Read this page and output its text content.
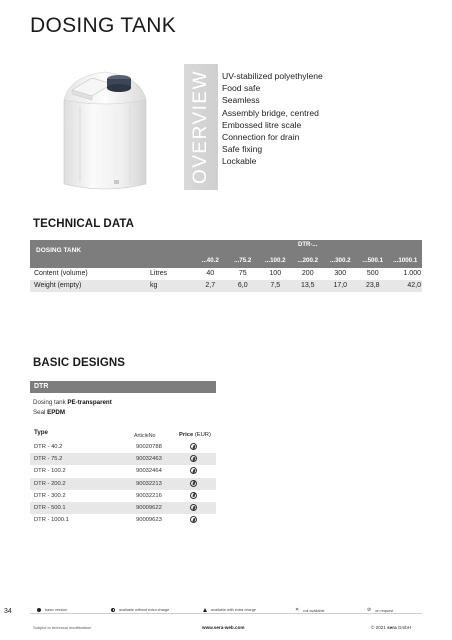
DOSING TANK
OVERVIEW UV-stabilized polyethylene
Food safe
Seamless
Assembly bridge, centred
Embossed litre scale
Connection for drain
Safe fixing
Lockable
TECHNICAL DATA
DOSING TANK
DTR-...
...40.2	...75.2	...100.2	...200.2	...300.2	...500.1	...1000.1
Content (volume)	Litres	40	75	100	200	300	500	1.000
Weight (empty)	kg	2,7	6,0	7,5	13,5	17,0	23,8	42,0
BASIC DESIGNS
DTR
Dosing tank PE-transparent
Seal EPDM
Type	ArticleNo	Price (EUR)
DTR - 40.2	90020788
DTR - 75.2	90032463
DTR - 100.2	90032464
DTR - 200.2	90032213
DTR - 300.2	90032216
DTR - 500.1	90009622
DTR - 1000.1	90009623
34	basic version	available without extra charge	available with extra charge	✕ not available	⊘ on request
Subject to technical modification!	www.sera-web.com	© 2021 sera GmbH
